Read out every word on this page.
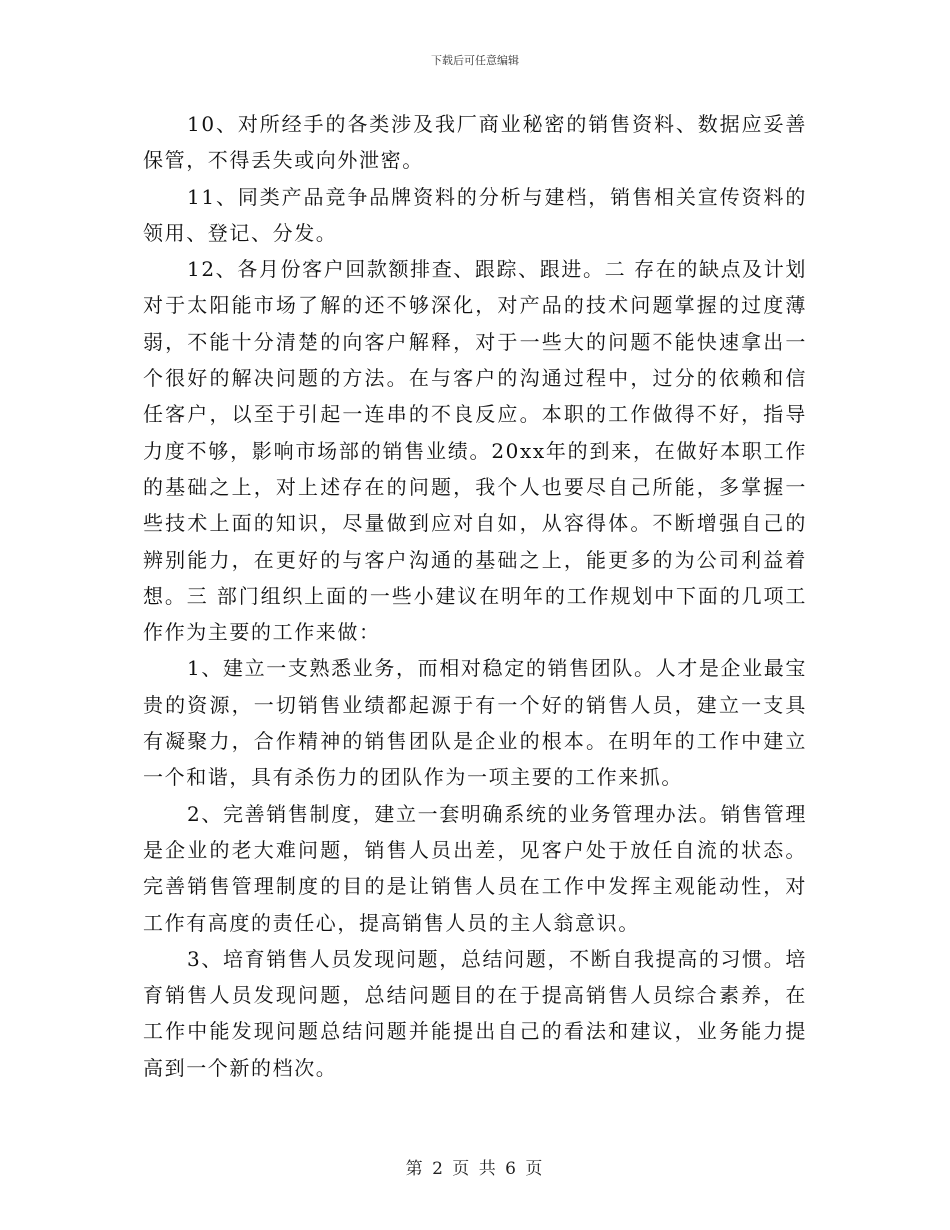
下载后可任意编辑

10、对所经手的各类涉及我厂商业秘密的销售资料、数据应妥善保管，不得丢失或向外泄密。

11、同类产品竞争品牌资料的分析与建档，销售相关宣传资料的领用、登记、分发。

12、各月份客户回款额排查、跟踪、跟进。二 存在的缺点及计划对于太阳能市场了解的还不够深化，对产品的技术问题掌握的过度薄弱，不能十分清楚的向客户解释，对于一些大的问题不能快速拿出一个很好的解决问题的方法。在与客户的沟通过程中，过分的依赖和信任客户，以至于引起一连串的不良反应。本职的工作做得不好，指导力度不够，影响市场部的销售业绩。20xx年的到来，在做好本职工作的基础之上，对上述存在的问题，我个人也要尽自己所能，多掌握一些技术上面的知识，尽量做到应对自如，从容得体。不断增强自己的辨别能力，在更好的与客户沟通的基础之上，能更多的为公司利益着想。三 部门组织上面的一些小建议在明年的工作规划中下面的几项工作作为主要的工作来做：

1、建立一支熟悉业务，而相对稳定的销售团队。人才是企业最宝贵的资源，一切销售业绩都起源于有一个好的销售人员，建立一支具有凝聚力，合作精神的销售团队是企业的根本。在明年的工作中建立一个和谐，具有杀伤力的团队作为一项主要的工作来抓。

2、完善销售制度，建立一套明确系统的业务管理办法。销售管理是企业的老大难问题，销售人员出差，见客户处于放任自流的状态。完善销售管理制度的目的是让销售人员在工作中发挥主观能动性，对工作有高度的责任心，提高销售人员的主人翁意识。

3、培育销售人员发现问题，总结问题，不断自我提高的习惯。培育销售人员发现问题，总结问题目的在于提高销售人员综合素养，在工作中能发现问题总结问题并能提出自己的看法和建议，业务能力提高到一个新的档次。

第 2 页 共 6 页
